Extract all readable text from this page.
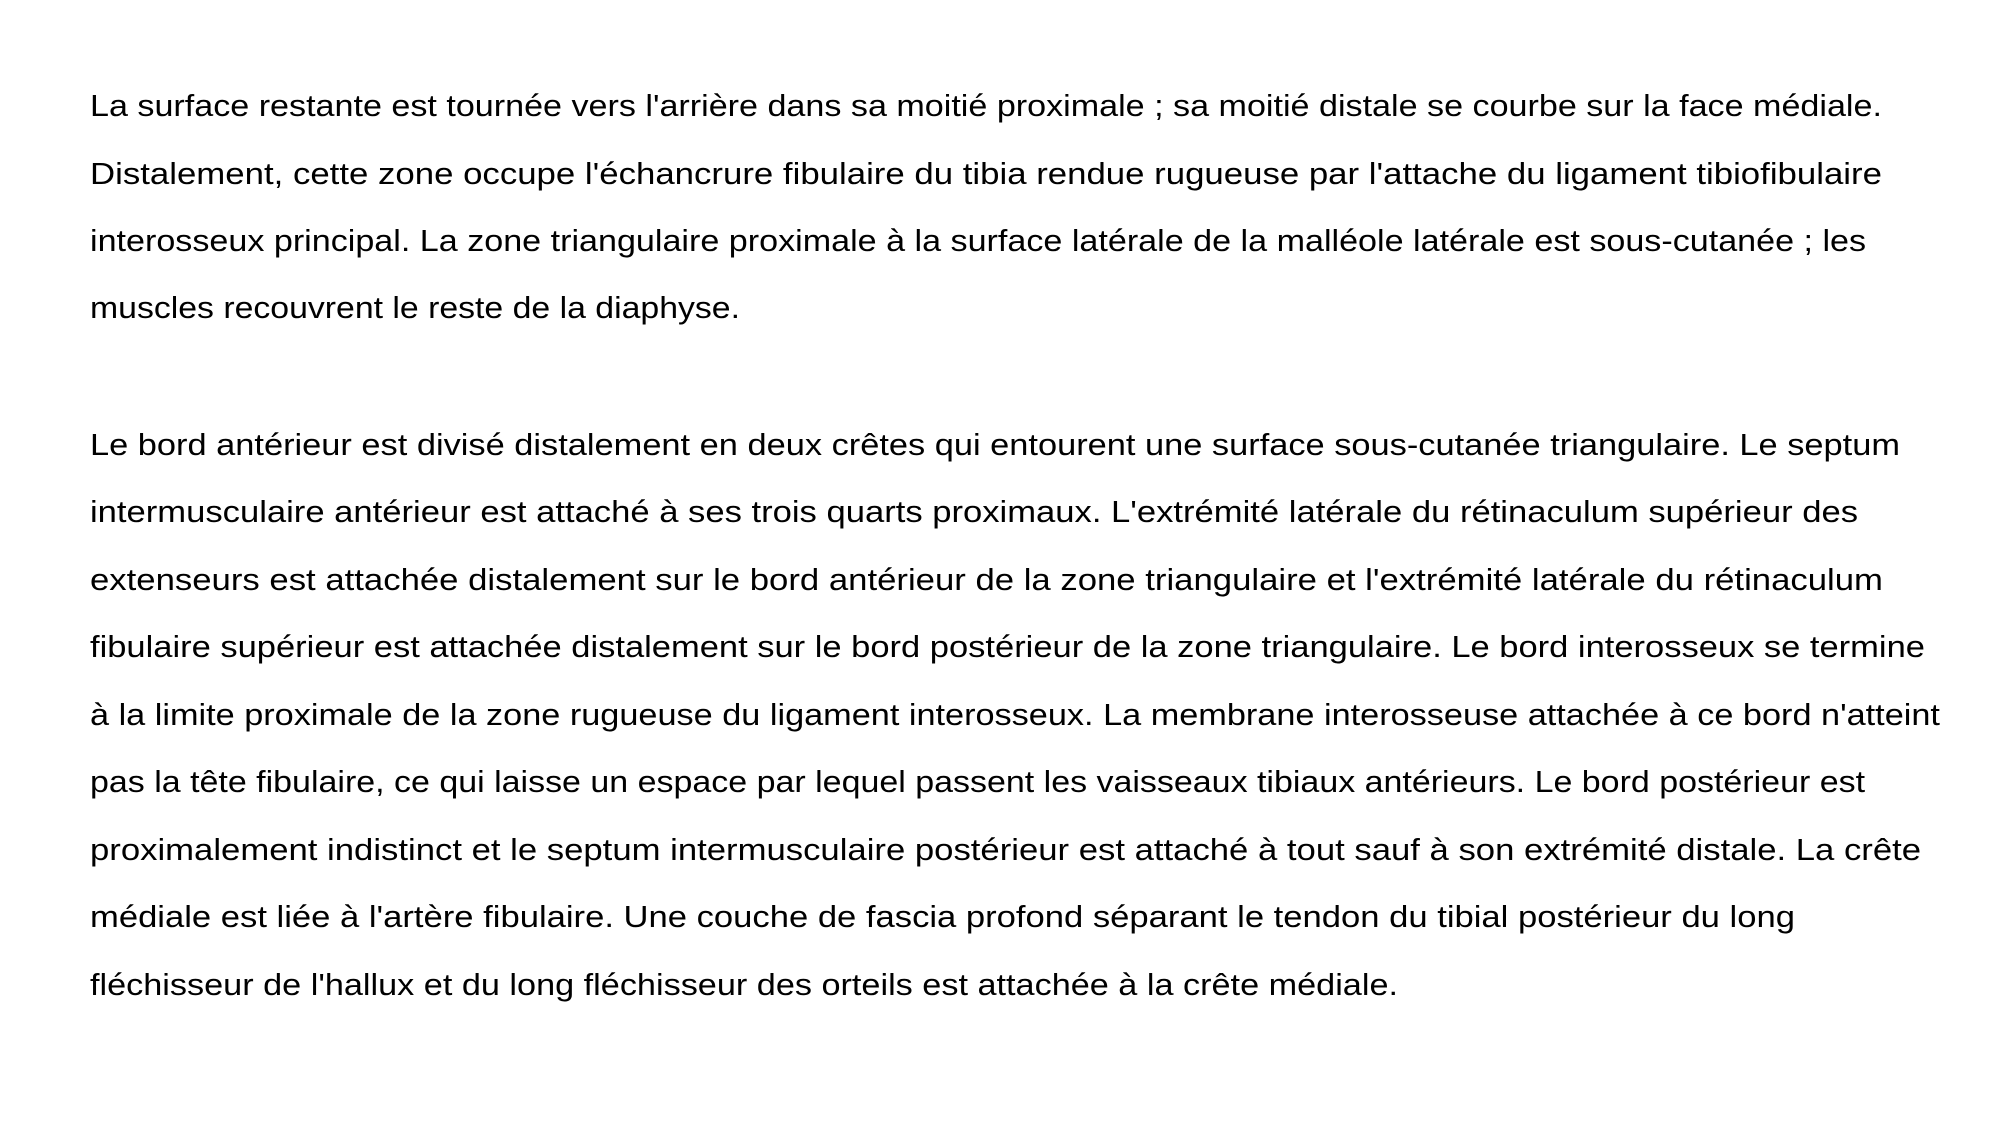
La surface restante est tournée vers l'arrière dans sa moitié proximale ; sa moitié distale se courbe sur la face médiale.
Distalement, cette zone occupe l'échancrure fibulaire du tibia rendue rugueuse par l'attache du ligament tibiofibulaire
interosseux principal. La zone triangulaire proximale à la surface latérale de la malléole latérale est sous-cutanée ; les
muscles recouvrent le reste de la diaphyse.
Le bord antérieur est divisé distalement en deux crêtes qui entourent une surface sous-cutanée triangulaire. Le septum
intermusculaire antérieur est attaché à ses trois quarts proximaux. L'extrémité latérale du rétinaculum supérieur des
extenseurs est attachée distalement sur le bord antérieur de la zone triangulaire et l'extrémité latérale du rétinaculum
fibulaire supérieur est attachée distalement sur le bord postérieur de la zone triangulaire. Le bord interosseux se termine
à la limite proximale de la zone rugueuse du ligament interosseux. La membrane interosseuse attachée à ce bord n'atteint
pas la tête fibulaire, ce qui laisse un espace par lequel passent les vaisseaux tibiaux antérieurs. Le bord postérieur est
proximalement indistinct et le septum intermusculaire postérieur est attaché à tout sauf à son extrémité distale. La crête
médiale est liée à l'artère fibulaire. Une couche de fascia profond séparant le tendon du tibial postérieur du long
fléchisseur de l'hallux et du long fléchisseur des orteils est attachée à la crête médiale.
